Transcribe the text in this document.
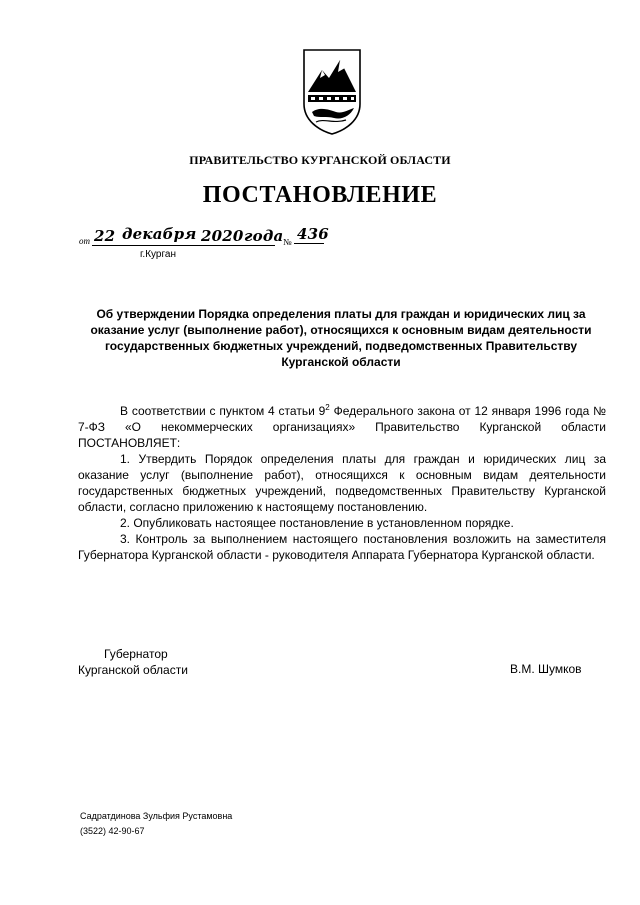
ПРАВИТЕЛЬСТВО КУРГАНСКОЙ ОБЛАСТИ
ПОСТАНОВЛЕНИЕ
от 22 декабря 2020 года № 436
г.Курган
Об утверждении Порядка определения платы для граждан и юридических лиц за оказание услуг (выполнение работ), относящихся к основным видам деятельности государственных бюджетных учреждений, подведомственных Правительству Курганской области

В соответствии с пунктом 4 статьи $9^2$ Федерального закона от 12 января 1996 года № 7-ФЗ «О некоммерческих организациях» Правительство Курганской области ПОСТАНОВЛЯЕТ:

1. Утвердить Порядок определения платы для граждан и юридических лиц за оказание услуг (выполнение работ), относящихся к основным видам деятельности государственных бюджетных учреждений, подведомственных Правительству Курганской области, согласно приложению к настоящему постановлению.

2. Опубликовать настоящее постановление в установленном порядке.

3. Контроль за выполнением настоящего постановления возложить на заместителя Губернатора Курганской области - руководителя Аппарата Губернатора Курганской области.

Губернатор
Курганской области	В.М. Шумков
Садратдинова Зульфия Рустамовна
(3522) 42-90-67
